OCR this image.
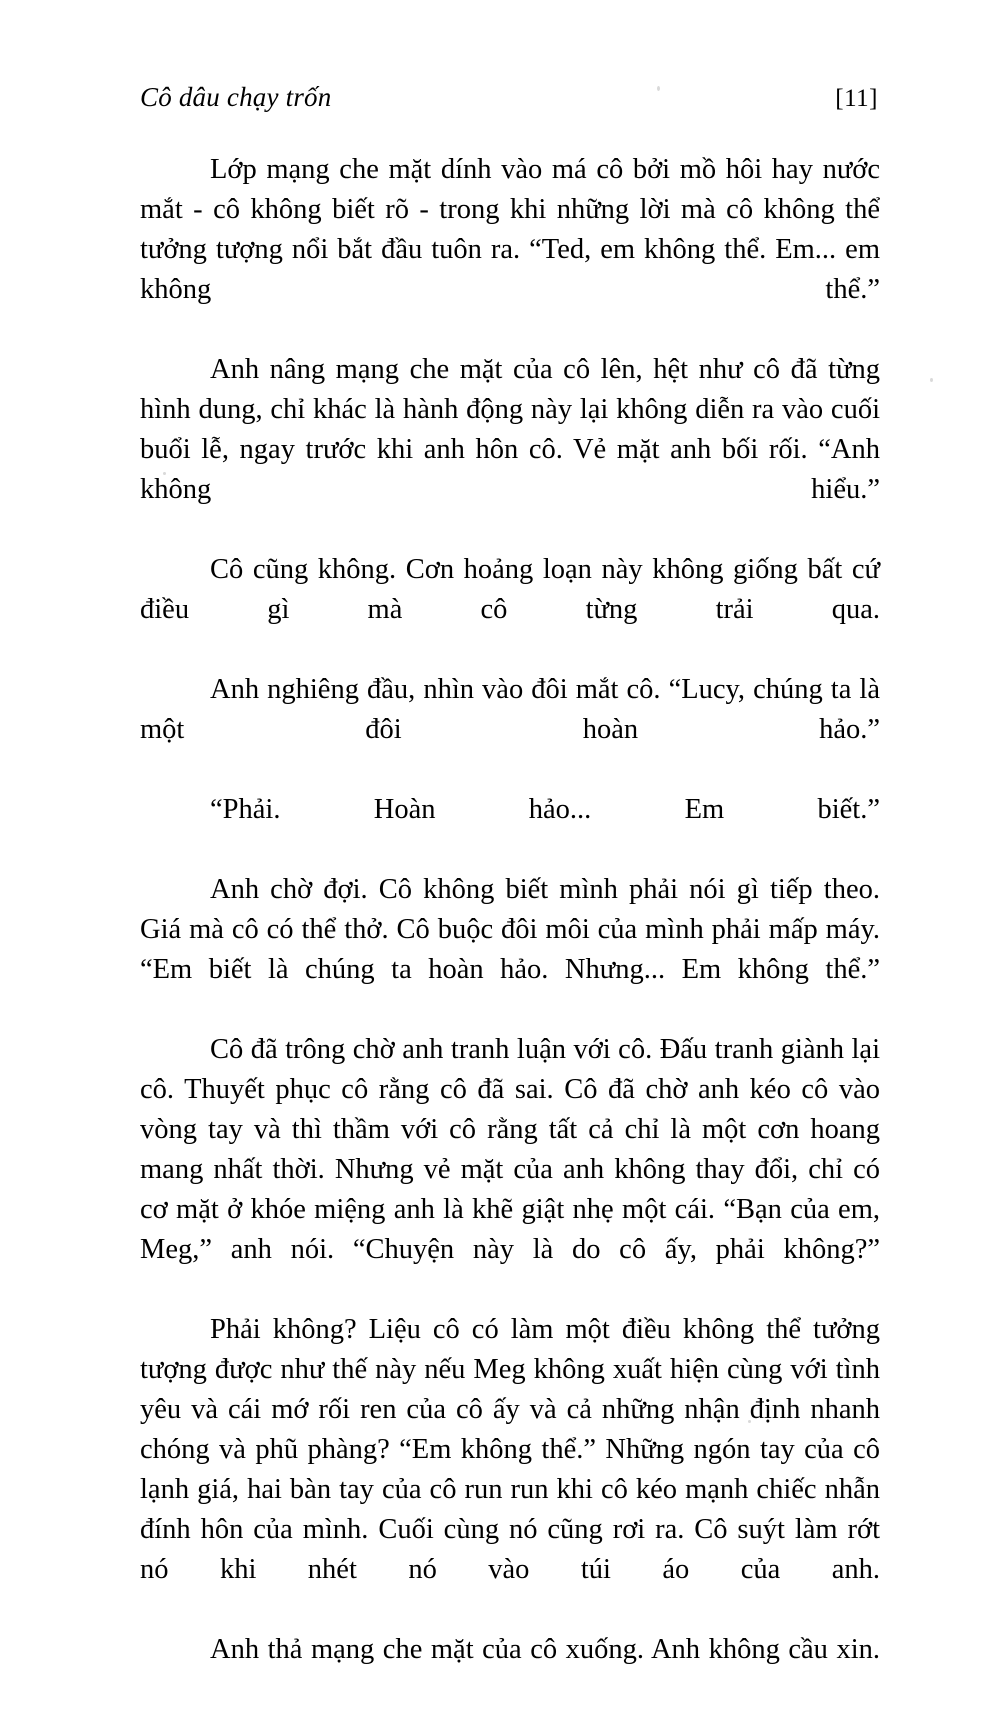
Cô dâu chạy trốn	[11]

Lớp mạng che mặt dính vào má cô bởi mồ hôi hay nước mắt - cô không biết rõ - trong khi những lời mà cô không thể tưởng tượng nổi bắt đầu tuôn ra. “Ted, em không thể. Em... em không thể.”

Anh nâng mạng che mặt của cô lên, hệt như cô đã từng hình dung, chỉ khác là hành động này lại không diễn ra vào cuối buổi lễ, ngay trước khi anh hôn cô. Vẻ mặt anh bối rối. “Anh không hiểu.”

Cô cũng không. Cơn hoảng loạn này không giống bất cứ điều gì mà cô từng trải qua.

Anh nghiêng đầu, nhìn vào đôi mắt cô. “Lucy, chúng ta là một đôi hoàn hảo.”

“Phải. Hoàn hảo... Em biết.”

Anh chờ đợi. Cô không biết mình phải nói gì tiếp theo. Giá mà cô có thể thở. Cô buộc đôi môi của mình phải mấp máy. “Em biết là chúng ta hoàn hảo. Nhưng... Em không thể.”

Cô đã trông chờ anh tranh luận với cô. Đấu tranh giành lại cô. Thuyết phục cô rằng cô đã sai. Cô đã chờ anh kéo cô vào vòng tay và thì thầm với cô rằng tất cả chỉ là một cơn hoang mang nhất thời. Nhưng vẻ mặt của anh không thay đổi, chỉ có cơ mặt ở khóe miệng anh là khẽ giật nhẹ một cái. “Bạn của em, Meg,” anh nói. “Chuyện này là do cô ấy, phải không?”

Phải không? Liệu cô có làm một điều không thể tưởng tượng được như thế này nếu Meg không xuất hiện cùng với tình yêu và cái mớ rối ren của cô ấy và cả những nhận định nhanh chóng và phũ phàng? “Em không thể.” Những ngón tay của cô lạnh giá, hai bàn tay của cô run run khi cô kéo mạnh chiếc nhẫn đính hôn của mình. Cuối cùng nó cũng rơi ra. Cô suýt làm rớt nó khi nhét nó vào túi áo của anh.

Anh thả mạng che mặt của cô xuống. Anh không cầu xin.
